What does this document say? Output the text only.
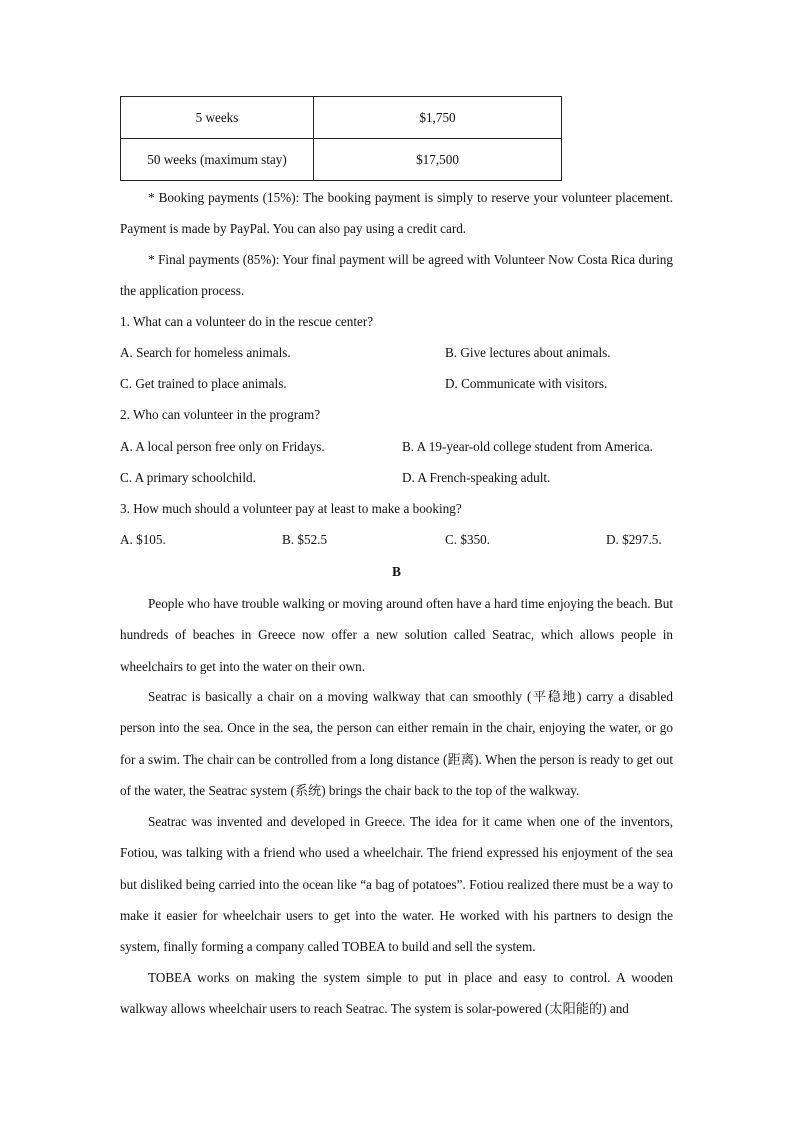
5 weeks	$1,750
50 weeks (maximum stay)	$17,500
* Booking payments (15%): The booking payment is simply to reserve your volunteer placement. Payment is made by PayPal. You can also pay using a credit card.
* Final payments (85%): Your final payment will be agreed with Volunteer Now Costa Rica during the application process.
1. What can a volunteer do in the rescue center?
A. Search for homeless animals.	B. Give lectures about animals.
C. Get trained to place animals.	D. Communicate with visitors.
2. Who can volunteer in the program?
A. A local person free only on Fridays.	B. A 19-year-old college student from America.
C. A primary schoolchild.	D. A French-speaking adult.
3. How much should a volunteer pay at least to make a booking?
A. $105.	B. $52.5	C. $350.	D. $297.5.
B
People who have trouble walking or moving around often have a hard time enjoying the beach. But hundreds of beaches in Greece now offer a new solution called Seatrac, which allows people in wheelchairs to get into the water on their own.
Seatrac is basically a chair on a moving walkway that can smoothly (平稳地) carry a disabled person into the sea. Once in the sea, the person can either remain in the chair, enjoying the water, or go for a swim. The chair can be controlled from a long distance (距离). When the person is ready to get out of the water, the Seatrac system (系统) brings the chair back to the top of the walkway.
Seatrac was invented and developed in Greece. The idea for it came when one of the inventors, Fotiou, was talking with a friend who used a wheelchair. The friend expressed his enjoyment of the sea but disliked being carried into the ocean like “a bag of potatoes”. Fotiou realized there must be a way to make it easier for wheelchair users to get into the water. He worked with his partners to design the system, finally forming a company called TOBEA to build and sell the system.
TOBEA works on making the system simple to put in place and easy to control. A wooden walkway allows wheelchair users to reach Seatrac. The system is solar-powered (太阳能的) and
